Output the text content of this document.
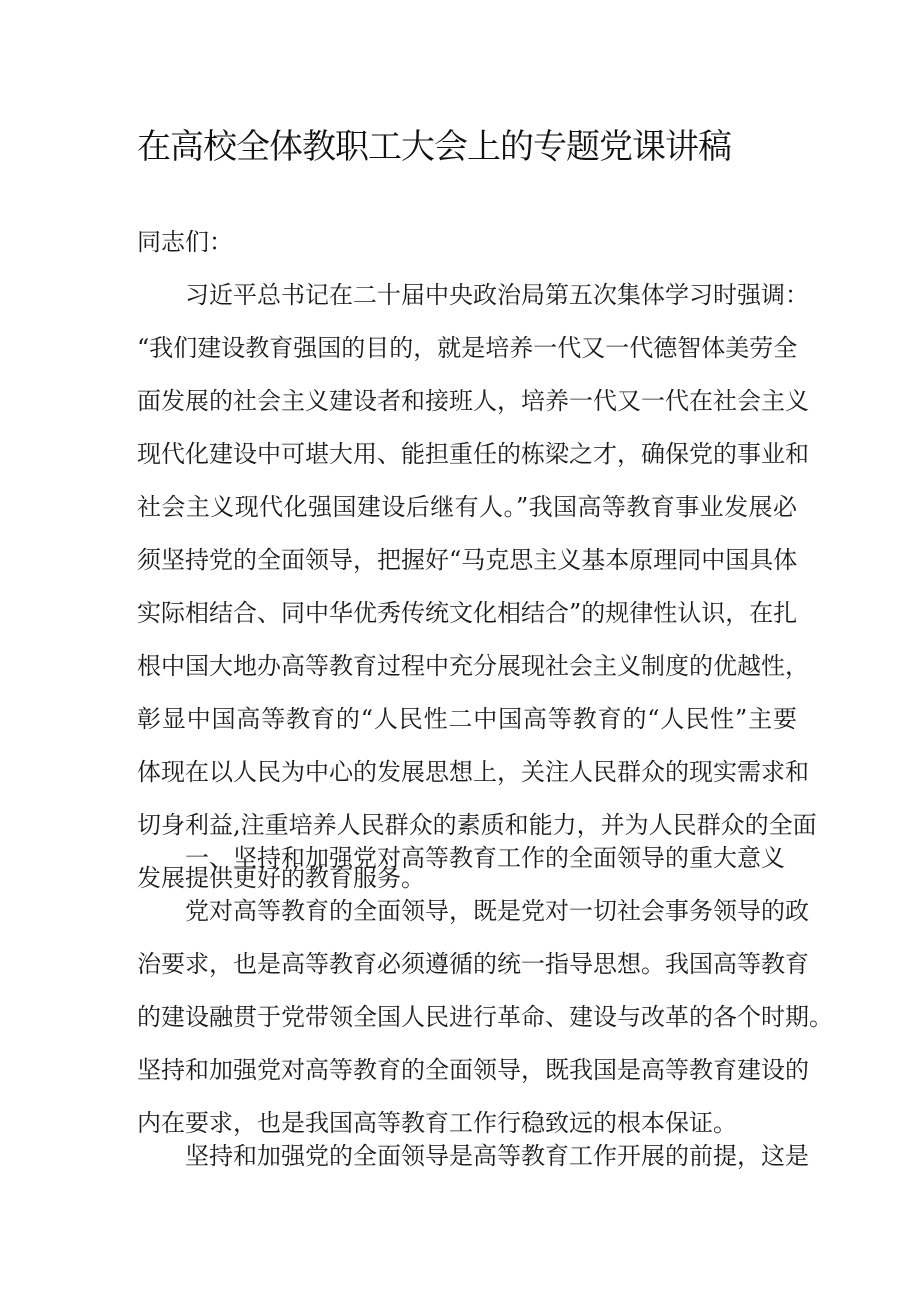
在高校全体教职工大会上的专题党课讲稿
同志们：
习近平总书记在二十届中央政治局第五次集体学习时强调：
“我们建设教育强国的目的，就是培养一代又一代德智体美劳全
面发展的社会主义建设者和接班人，培养一代又一代在社会主义
现代化建设中可堪大用、能担重任的栋梁之才，确保党的事业和
社会主义现代化强国建设后继有人。”我国高等教育事业发展必
须坚持党的全面领导，把握好“马克思主义基本原理同中国具体
实际相结合、同中华优秀传统文化相结合”的规律性认识，在扎
根中国大地办高等教育过程中充分展现社会主义制度的优越性，
彰显中国高等教育的“人民性二中国高等教育的“人民性”主要
体现在以人民为中心的发展思想上，关注人民群众的现实需求和
切身利益,注重培养人民群众的素质和能力，并为人民群众的全面
发展提供更好的教育服务。
一、坚持和加强党对高等教育工作的全面领导的重大意义
党对高等教育的全面领导，既是党对一切社会事务领导的政
治要求，也是高等教育必须遵循的统一指导思想。我国高等教育
的建设融贯于党带领全国人民进行革命、建设与改革的各个时期。
坚持和加强党对高等教育的全面领导，既我国是高等教育建设的
内在要求，也是我国高等教育工作行稳致远的根本保证。
坚持和加强党的全面领导是高等教育工作开展的前提，这是
